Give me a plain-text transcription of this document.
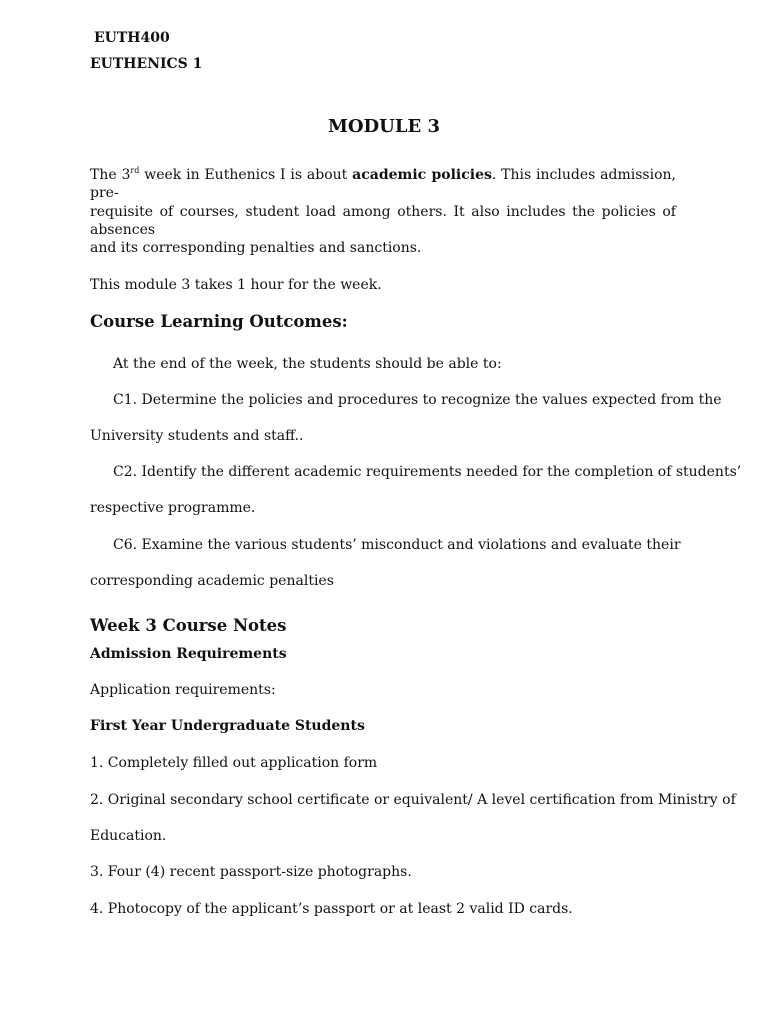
EUTH400
EUTHENICS 1
MODULE 3
The 3rd week in Euthenics I is about academic policies. This includes admission, pre-
requisite of courses, student load among others. It also includes the policies of absences
and its corresponding penalties and sanctions.
This module 3 takes 1 hour for the week.
Course Learning Outcomes:
At the end of the week, the students should be able to:
C1. Determine the policies and procedures to recognize the values expected from the
University students and staff..
C2. Identify the different academic requirements needed for the completion of students’
respective programme.
C6. Examine the various students’ misconduct and violations and evaluate their
corresponding academic penalties
Week 3 Course Notes
Admission Requirements
Application requirements:
First Year Undergraduate Students
1. Completely filled out application form
2. Original secondary school certificate or equivalent/ A level certification from Ministry of
Education.
3. Four (4) recent passport-size photographs.
4. Photocopy of the applicant’s passport or at least 2 valid ID cards.
